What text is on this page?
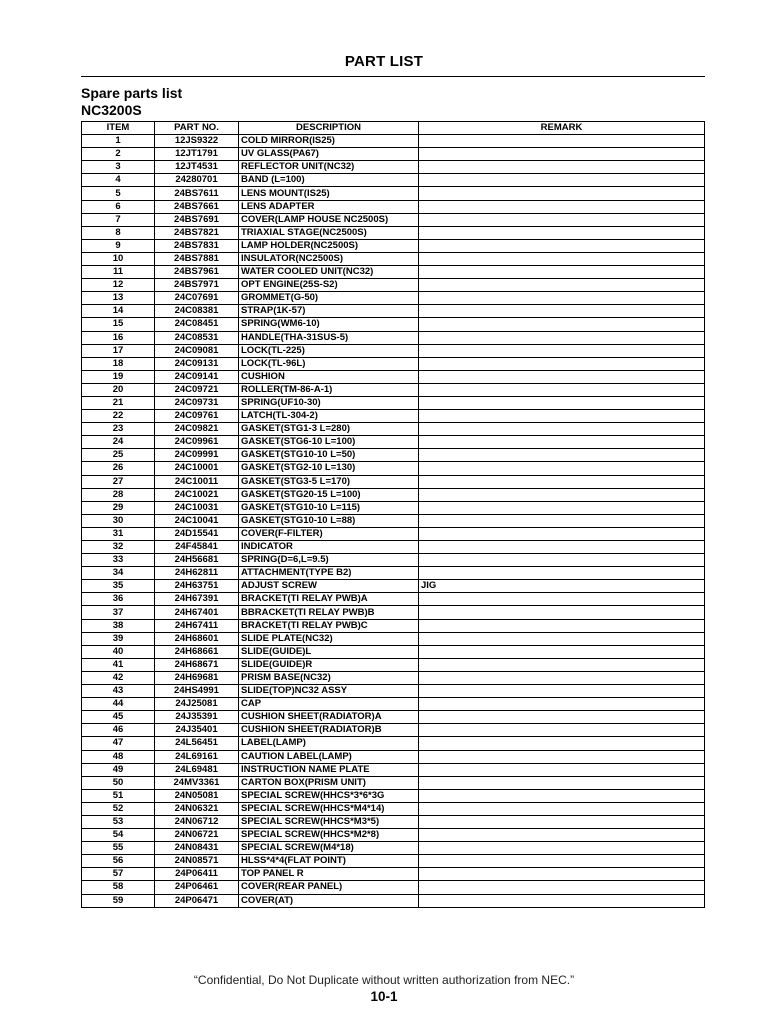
PART LIST
Spare parts list
NC3200S
ITEM	PART NO.	DESCRIPTION	REMARK
1	12JS9322	COLD MIRROR(IS25)	
2	12JT1791	UV GLASS(PA67)	
3	12JT4531	REFLECTOR UNIT(NC32)	
4	24280701	BAND (L=100)	
5	24BS7611	LENS MOUNT(IS25)	
6	24BS7661	LENS ADAPTER	
7	24BS7691	COVER(LAMP HOUSE NC2500S)	
8	24BS7821	TRIAXIAL STAGE(NC2500S)	
9	24BS7831	LAMP HOLDER(NC2500S)	
10	24BS7881	INSULATOR(NC2500S)	
11	24BS7961	WATER COOLED UNIT(NC32)	
12	24BS7971	OPT ENGINE(25S-S2)	
13	24C07691	GROMMET(G-50)	
14	24C08381	STRAP(1K-57)	
15	24C08451	SPRING(WM6-10)	
16	24C08531	HANDLE(THA-31SUS-5)	
17	24C09081	LOCK(TL-225)	
18	24C09131	LOCK(TL-96L)	
19	24C09141	CUSHION	
20	24C09721	ROLLER(TM-86-A-1)	
21	24C09731	SPRING(UF10-30)	
22	24C09761	LATCH(TL-304-2)	
23	24C09821	GASKET(STG1-3 L=280)	
24	24C09961	GASKET(STG6-10 L=100)	
25	24C09991	GASKET(STG10-10 L=50)	
26	24C10001	GASKET(STG2-10 L=130)	
27	24C10011	GASKET(STG3-5 L=170)	
28	24C10021	GASKET(STG20-15 L=100)	
29	24C10031	GASKET(STG10-10 L=115)	
30	24C10041	GASKET(STG10-10 L=88)	
31	24D15541	COVER(F-FILTER)	
32	24F45841	INDICATOR	
33	24H56681	SPRING(D=6,L=9.5)	
34	24H62811	ATTACHMENT(TYPE B2)	
35	24H63751	ADJUST SCREW	JIG
36	24H67391	BRACKET(TI RELAY PWB)A	
37	24H67401	BBRACKET(TI RELAY PWB)B	
38	24H67411	BRACKET(TI RELAY PWB)C	
39	24H68601	SLIDE PLATE(NC32)	
40	24H68661	SLIDE(GUIDE)L	
41	24H68671	SLIDE(GUIDE)R	
42	24H69681	PRISM BASE(NC32)	
43	24HS4991	SLIDE(TOP)NC32 ASSY	
44	24J25081	CAP	
45	24J35391	CUSHION SHEET(RADIATOR)A	
46	24J35401	CUSHION SHEET(RADIATOR)B	
47	24L56451	LABEL(LAMP)	
48	24L69161	CAUTION LABEL(LAMP)	
49	24L69481	INSTRUCTION NAME PLATE	
50	24MV3361	CARTON BOX(PRISM UNIT)	
51	24N05081	SPECIAL SCREW(HHCS*3*6*3G	
52	24N06321	SPECIAL SCREW(HHCS*M4*14)	
53	24N06712	SPECIAL SCREW(HHCS*M3*5)	
54	24N06721	SPECIAL SCREW(HHCS*M2*8)	
55	24N08431	SPECIAL SCREW(M4*18)	
56	24N08571	HLSS*4*4(FLAT POINT)	
57	24P06411	TOP PANEL R	
58	24P06461	COVER(REAR PANEL)	
59	24P06471	COVER(AT)	
“Confidential, Do Not Duplicate without written authorization from NEC.”
10-1
